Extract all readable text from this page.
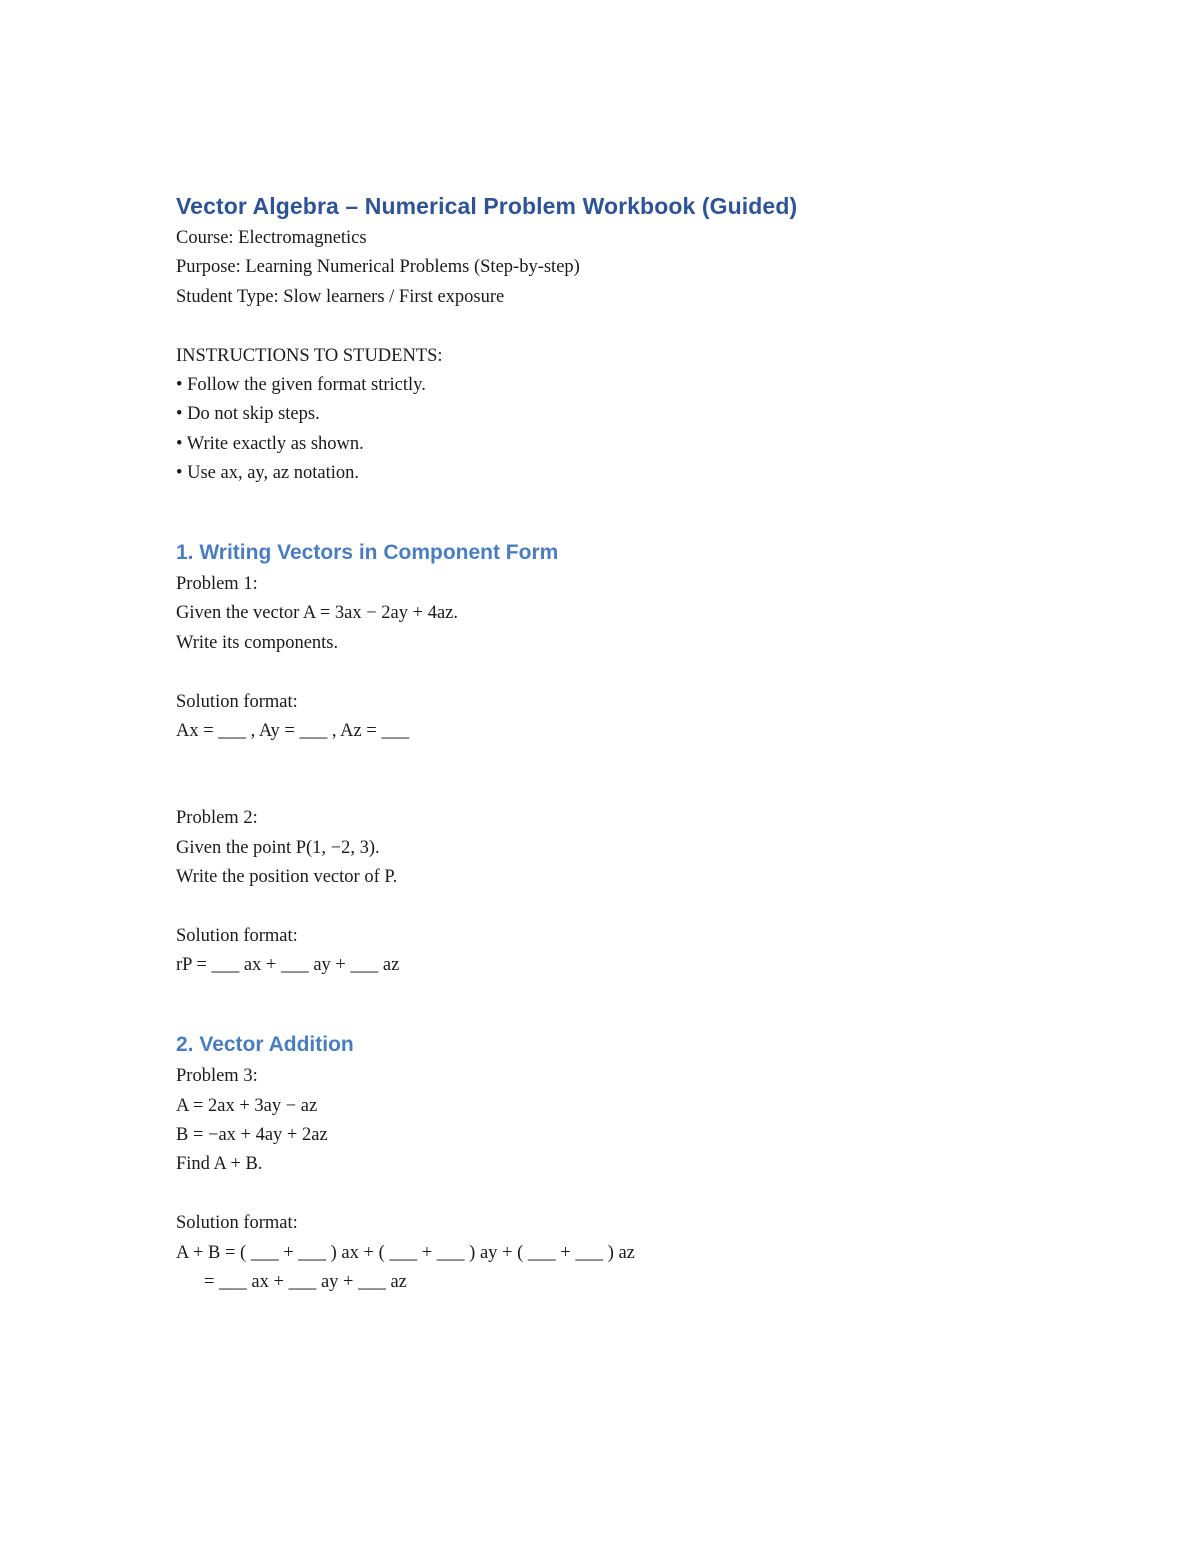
Vector Algebra – Numerical Problem Workbook (Guided)

Course: Electromagnetics

Purpose: Learning Numerical Problems (Step-by-step)

Student Type: Slow learners / First exposure

INSTRUCTIONS TO STUDENTS:

• Follow the given format strictly.

• Do not skip steps.

• Write exactly as shown.

• Use ax, ay, az notation.

1. Writing Vectors in Component Form

Problem 1:

Given the vector A = 3ax − 2ay + 4az.

Write its components.

Solution format:

Ax = ___ , Ay = ___ , Az = ___

Problem 2:

Given the point P(1, −2, 3).

Write the position vector of P.

Solution format:

rP = ___ ax + ___ ay + ___ az

2. Vector Addition

Problem 3:

A = 2ax + 3ay − az

B = −ax + 4ay + 2az

Find A + B.

Solution format:

A + B = ( ___ + ___ ) ax + ( ___ + ___ ) ay + ( ___ + ___ ) az

= ___ ax + ___ ay + ___ az
